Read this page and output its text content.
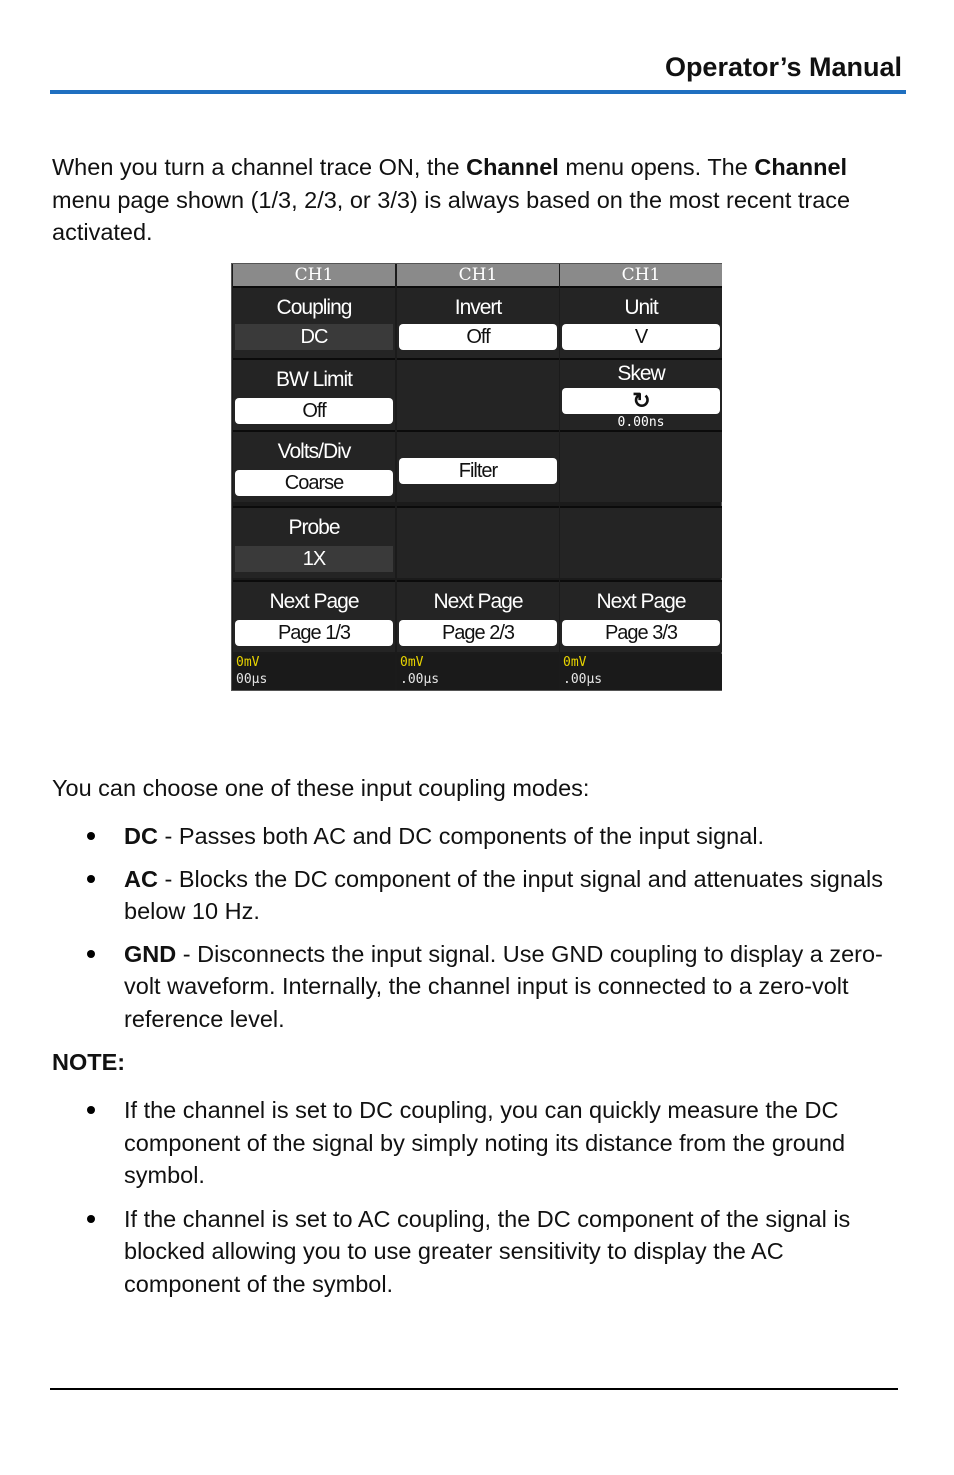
Operator’s Manual
When you turn a channel trace ON, the Channel menu opens. The Channel menu page shown (1/3, 2/3, or 3/3) is always based on the most recent trace activated.
CH1
Coupling
DC
BW Limit
Off
Volts/Div
Coarse
Probe
1X
Next Page
Page 1/3
0mV
00μs
CH1
Invert
Off
Filter
Next Page
Page 2/3
0mV
.00μs
CH1
Unit
V
Skew
↻
0.00ns
Next Page
Page 3/3
0mV
.00μs
You can choose one of these input coupling modes:
DC - Passes both AC and DC components of the input signal.
AC - Blocks the DC component of the input signal and attenuates signals below 10 Hz.
GND - Disconnects the input signal. Use GND coupling to display a zero-volt waveform. Internally, the channel input is connected to a zero-volt reference level.
NOTE:
If the channel is set to DC coupling, you can quickly measure the DC component of the signal by simply noting its distance from the ground symbol.
If the channel is set to AC coupling, the DC component of the signal is blocked allowing you to use greater sensitivity to display the AC component of the symbol.
